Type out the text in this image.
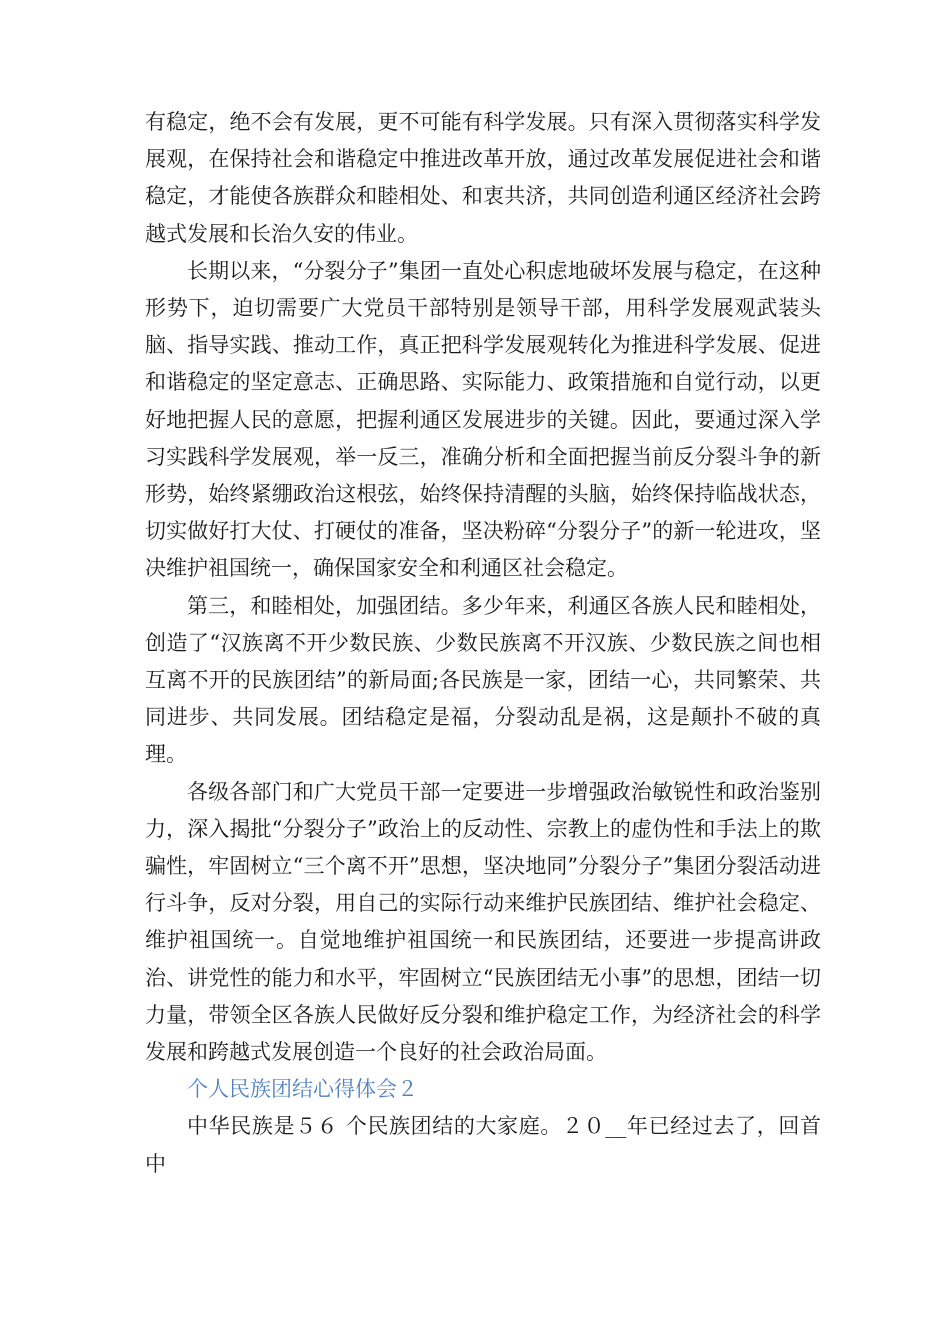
有稳定，绝不会有发展，更不可能有科学发展。只有深入贯彻落实科学发展观，在保持社会和谐稳定中推进改革开放，通过改革发展促进社会和谐稳定，才能使各族群众和睦相处、和衷共济，共同创造利通区经济社会跨越式发展和长治久安的伟业。

长期以来，“分裂分子”集团一直处心积虑地破坏发展与稳定，在这种形势下，迫切需要广大党员干部特别是领导干部，用科学发展观武装头脑、指导实践、推动工作，真正把科学发展观转化为推进科学发展、促进和谐稳定的坚定意志、正确思路、实际能力、政策措施和自觉行动，以更好地把握人民的意愿，把握利通区发展进步的关键。因此，要通过深入学习实践科学发展观，举一反三，准确分析和全面把握当前反分裂斗争的新形势，始终紧绷政治这根弦，始终保持清醒的头脑，始终保持临战状态，切实做好打大仗、打硬仗的准备，坚决粉碎“分裂分子”的新一轮进攻，坚决维护祖国统一，确保国家安全和利通区社会稳定。

第三，和睦相处，加强团结。多少年来，利通区各族人民和睦相处，创造了“汉族离不开少数民族、少数民族离不开汉族、少数民族之间也相互离不开的民族团结”的新局面;各民族是一家，团结一心，共同繁荣、共同进步、共同发展。团结稳定是福，分裂动乱是祸，这是颠扑不破的真理。

各级各部门和广大党员干部一定要进一步增强政治敏锐性和政治鉴别力，深入揭批“分裂分子”政治上的反动性、宗教上的虚伪性和手法上的欺骗性，牢固树立“三个离不开”思想，坚决地同”分裂分子”集团分裂活动进行斗争，反对分裂，用自己的实际行动来维护民族团结、维护社会稳定、维护祖国统一。自觉地维护祖国统一和民族团结，还要进一步提高讲政治、讲党性的能力和水平，牢固树立“民族团结无小事”的思想，团结一切力量，带领全区各族人民做好反分裂和维护稳定工作，为经济社会的科学发展和跨越式发展创造一个良好的社会政治局面。

个人民族团结心得体会２

中华民族是５６ 个民族团结的大家庭。２０__年已经过去了，回首中
